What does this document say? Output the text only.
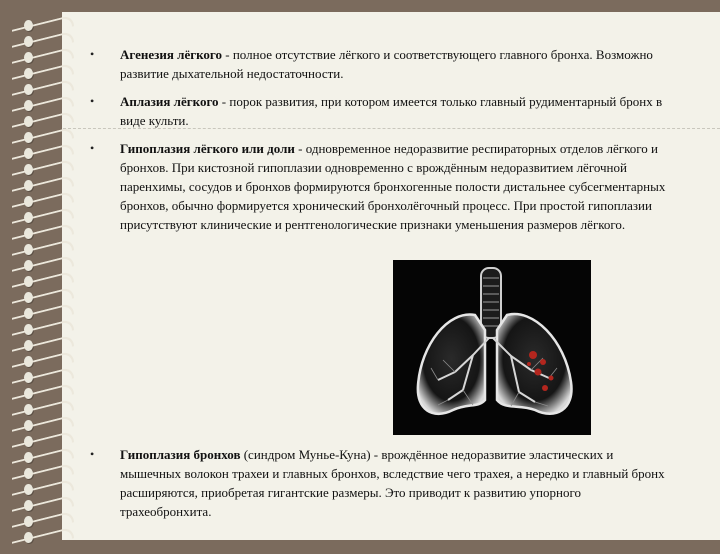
• Агенезия лёгкого - полное отсутствие лёгкого и соответствующего главного бронха. Возможно развитие дыхательной недостаточности.
• Аплазия лёгкого - порок развития, при котором имеется только главный рудиментарный бронх в виде культи.
• Гипоплазия лёгкого или доли - одновременное недоразвитие респираторных отделов лёгкого и бронхов. При кистозной гипоплазии одновременно с врождённым недоразвитием лёгочной паренхимы, сосудов и бронхов формируются бронхогенные полости дистальнее субсегментарных бронхов, обычно формируется хронический бронхолёгочный процесс. При простой гипоплазии присутствуют клинические и рентгенологические признаки уменьшения размеров лёгкого.
• Гипоплазия бронхов (синдром Мунье-Куна) - врождённое недоразвитие эластических и мышечных волокон трахеи и главных бронхов, вследствие чего трахея, а нередко и главный бронх расширяются, приобретая гигантские размеры. Это приводит к развитию упорного трахеобронхита.
